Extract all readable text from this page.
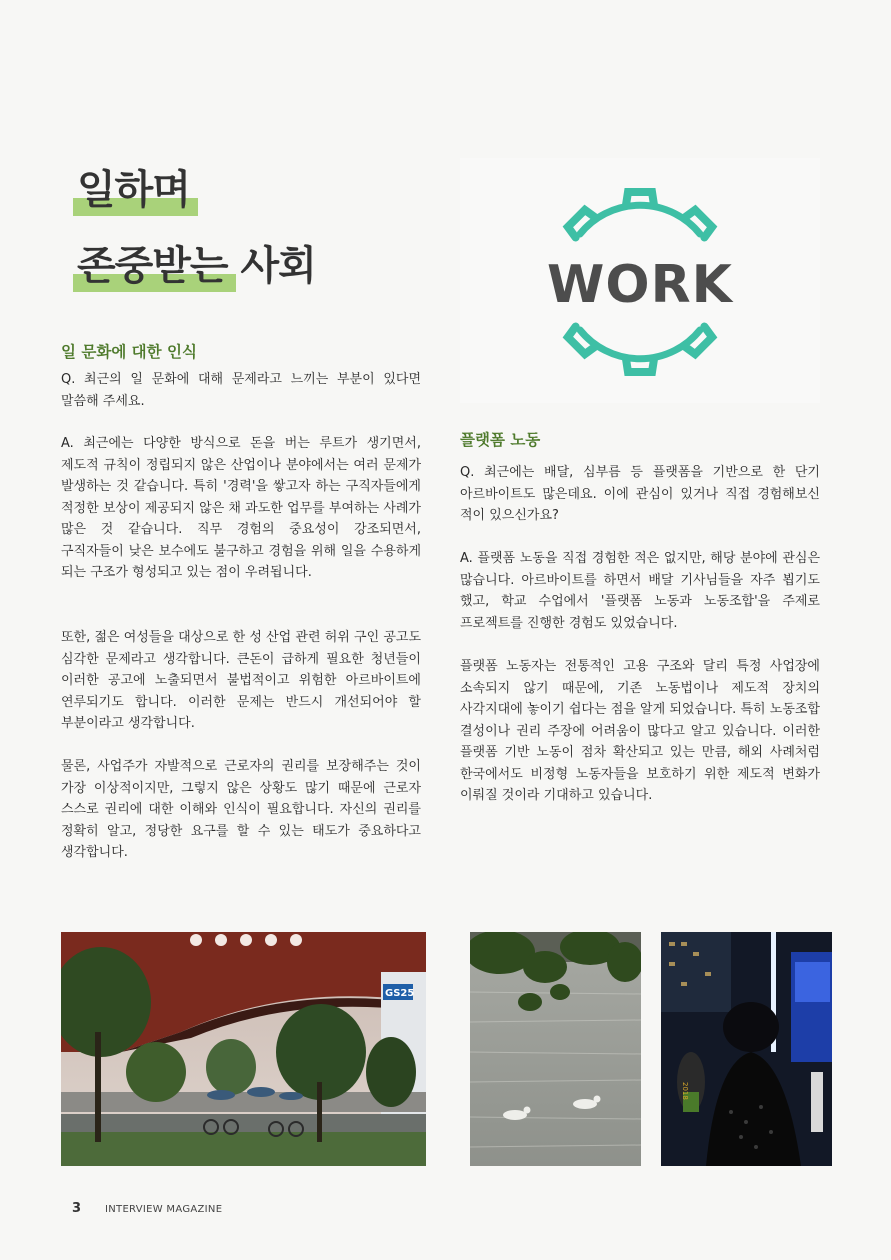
일하며
존중받는 사회	WORK
일 문화에 대한 인식

Q. 최근의 일 문화에 대해 문제라고 느끼는 부분이 있다면 말씀해 주세요.

A. 최근에는 다양한 방식으로 돈을 버는 루트가 생기면서, 제도적 규칙이 정립되지 않은 산업이나 분야에서는 여러 문제가 발생하는 것 같습니다. 특히 '경력'을 쌓고자 하는 구직자들에게 적정한 보상이 제공되지 않은 채 과도한 업무를 부여하는 사례가 많은 것 같습니다. 직무 경험의 중요성이 강조되면서, 구직자들이 낮은 보수에도 불구하고 경험을 위해 일을 수용하게 되는 구조가 형성되고 있는 점이 우려됩니다.

또한, 젊은 여성들을 대상으로 한 성 산업 관련 허위 구인 공고도 심각한 문제라고 생각합니다. 큰돈이 급하게 필요한 청년들이 이러한 공고에 노출되면서 불법적이고 위험한 아르바이트에 연루되기도 합니다. 이러한 문제는 반드시 개선되어야 할 부분이라고 생각합니다.

물론, 사업주가 자발적으로 근로자의 권리를 보장해주는 것이 가장 이상적이지만, 그렇지 않은 상황도 많기 때문에 근로자 스스로 권리에 대한 이해와 인식이 필요합니다. 자신의 권리를 정확히 알고, 정당한 요구를 할 수 있는 태도가 중요하다고 생각합니다.

플랫폼 노동

Q. 최근에는 배달, 심부름 등 플랫폼을 기반으로 한 단기 아르바이트도 많은데요. 이에 관심이 있거나 직접 경험해보신 적이 있으신가요?

A. 플랫폼 노동을 직접 경험한 적은 없지만, 해당 분야에 관심은 많습니다. 아르바이트를 하면서 배달 기사님들을 자주 뵙기도 했고, 학교 수업에서 '플랫폼 노동과 노동조합'을 주제로 프로젝트를 진행한 경험도 있었습니다.

플랫폼 노동자는 전통적인 고용 구조와 달리 특정 사업장에 소속되지 않기 때문에, 기존 노동법이나 제도적 장치의 사각지대에 놓이기 쉽다는 점을 알게 되었습니다. 특히 노동조합 결성이나 권리 주장에 어려움이 많다고 알고 있습니다. 이러한 플랫폼 기반 노동이 점차 확산되고 있는 만큼, 해외 사례처럼 한국에서도 비정형 노동자들을 보호하기 위한 제도적 변화가 이뤄질 것이라 기대하고 있습니다.

GS25
2018
3 INTERVIEW MAGAZINE
